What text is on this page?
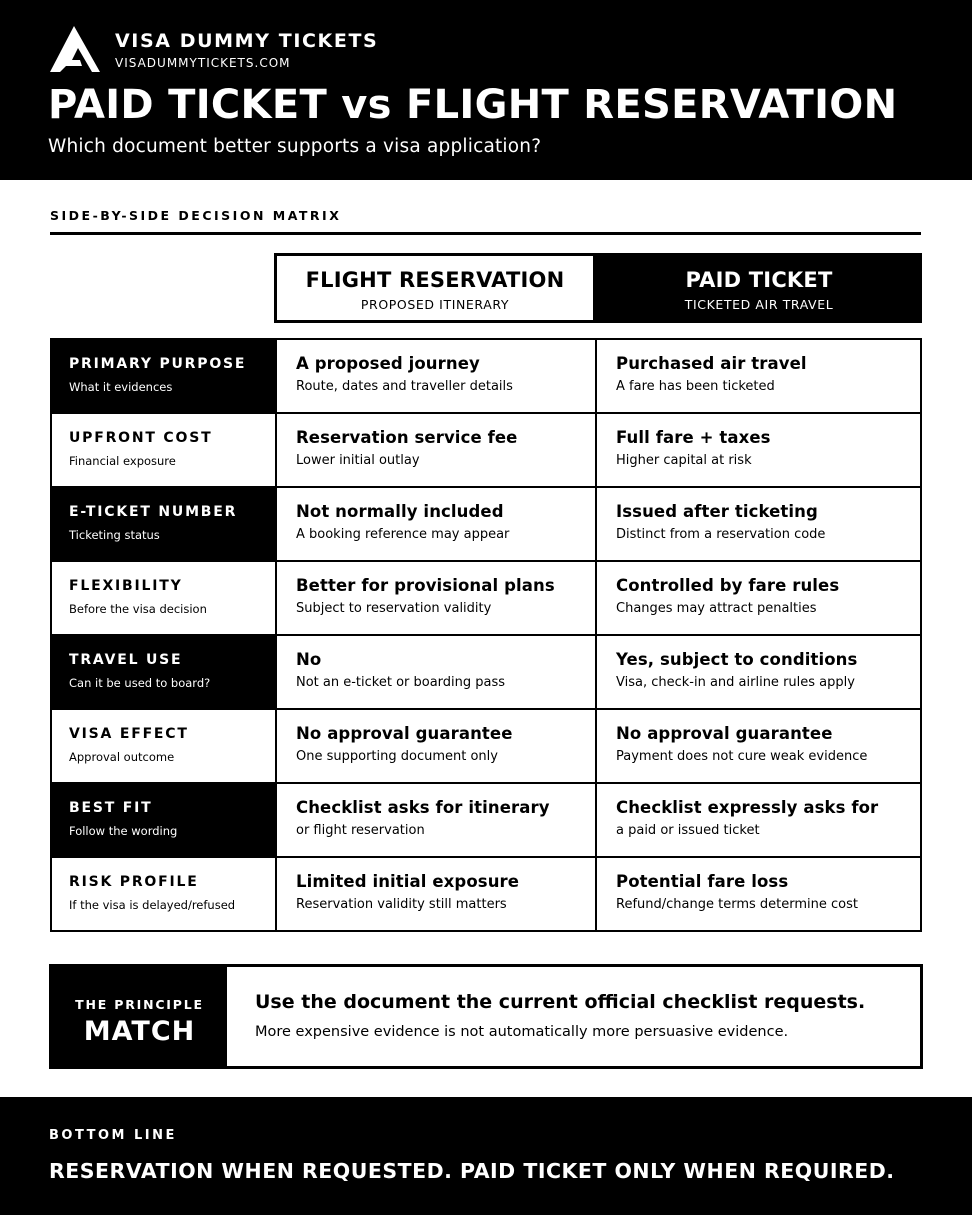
VISA DUMMY TICKETS
VISADUMMYTICKETS.COM
PAID TICKET vs FLIGHT RESERVATION
Which document better supports a visa application?
SIDE-BY-SIDE DECISION MATRIX
FLIGHT RESERVATION
PROPOSED ITINERARY
PAID TICKET
TICKETED AIR TRAVEL
PRIMARY PURPOSE
What it evidences
A proposed journey
Route, dates and traveller details
Purchased air travel
A fare has been ticketed
UPFRONT COST
Financial exposure
Reservation service fee
Lower initial outlay
Full fare + taxes
Higher capital at risk
E-TICKET NUMBER
Ticketing status
Not normally included
A booking reference may appear
Issued after ticketing
Distinct from a reservation code
FLEXIBILITY
Before the visa decision
Better for provisional plans
Subject to reservation validity
Controlled by fare rules
Changes may attract penalties
TRAVEL USE
Can it be used to board?
No
Not an e-ticket or boarding pass
Yes, subject to conditions
Visa, check-in and airline rules apply
VISA EFFECT
Approval outcome
No approval guarantee
One supporting document only
No approval guarantee
Payment does not cure weak evidence
BEST FIT
Follow the wording
Checklist asks for itinerary
or flight reservation
Checklist expressly asks for
a paid or issued ticket
RISK PROFILE
If the visa is delayed/refused
Limited initial exposure
Reservation validity still matters
Potential fare loss
Refund/change terms determine cost
THE PRINCIPLE
MATCH
Use the document the current official checklist requests.
More expensive evidence is not automatically more persuasive evidence.
BOTTOM LINE
RESERVATION WHEN REQUESTED. PAID TICKET ONLY WHEN REQUIRED.
